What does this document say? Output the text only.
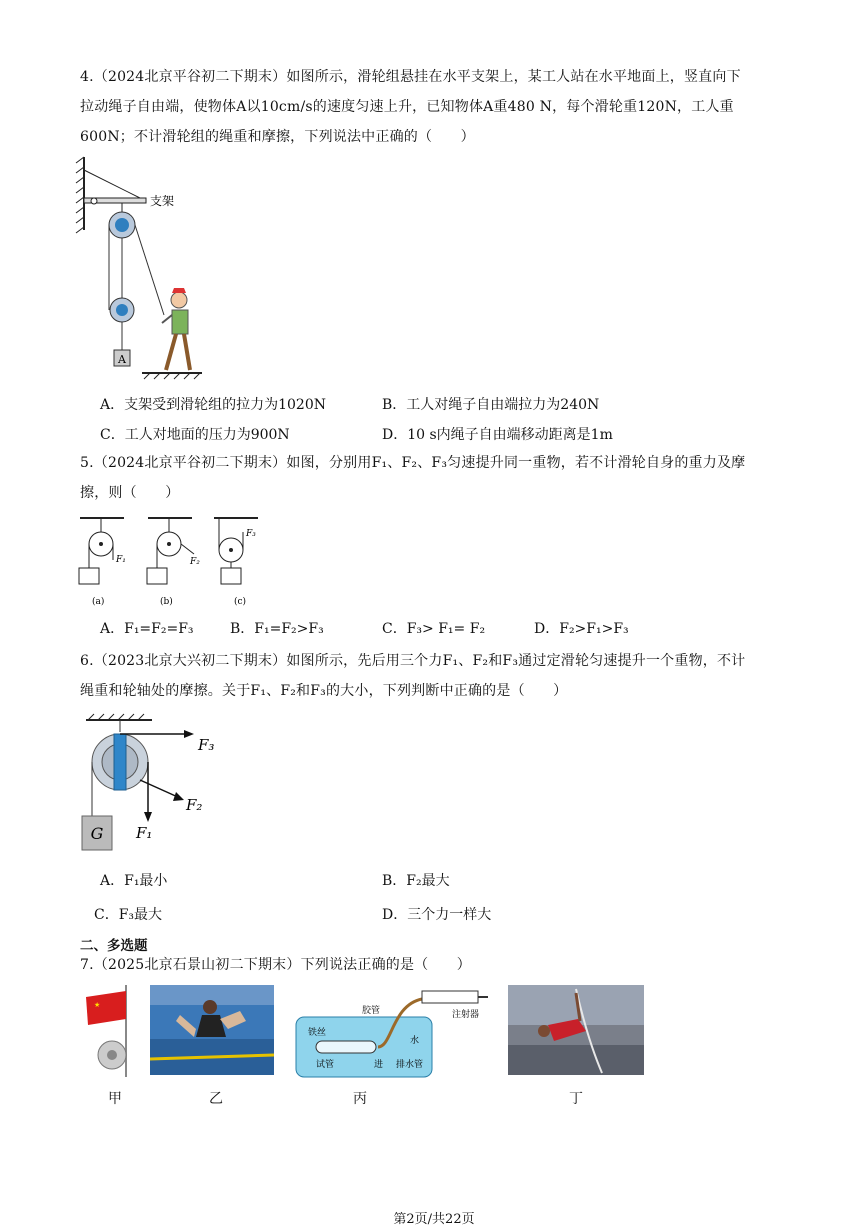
4.（2024北京平谷初二下期末）如图所示，滑轮组悬挂在水平支架上，某工人站在水平地面上，竖直向下
拉动绳子自由端，使物体A以10cm/s的速度匀速上升，已知物体A重480 N，每个滑轮重120N，工人重
600N；不计滑轮组的绳重和摩擦，下列说法中正确的（　　）
支架
A
A．支架受到滑轮组的拉力为1020N	B．工人对绳子自由端拉力为240N
C．工人对地面的压力为900N	D．10 s内绳子自由端移动距离是1m
5.（2024北京平谷初二下期末）如图，分别用F₁、F₂、F₃匀速提升同一重物，若不计滑轮自身的重力及摩
擦，则（　　）
F₁
(a)
F₂
(b)
F₃
(c)
A．F₁=F₂=F₃	B．F₁=F₂>F₃	C．F₃> F₁= F₂	D．F₂>F₁>F₃
6.（2023北京大兴初二下期末）如图所示，先后用三个力F₁、F₂和F₃通过定滑轮匀速提升一个重物，不计
绳重和轮轴处的摩擦。关于F₁、F₂和F₃的大小，下列判断中正确的是（　　）
G F₁
F₂
F₃
A．F₁最小	B．F₂最大
C．F₃最大	D．三个力一样大
二、多选题
7.（2025北京石景山初二下期末）下列说法正确的是（　　）
★
铁丝
胶管	注射器
水
试管	进 排水管
甲	乙	丙	丁
第2页/共22页
